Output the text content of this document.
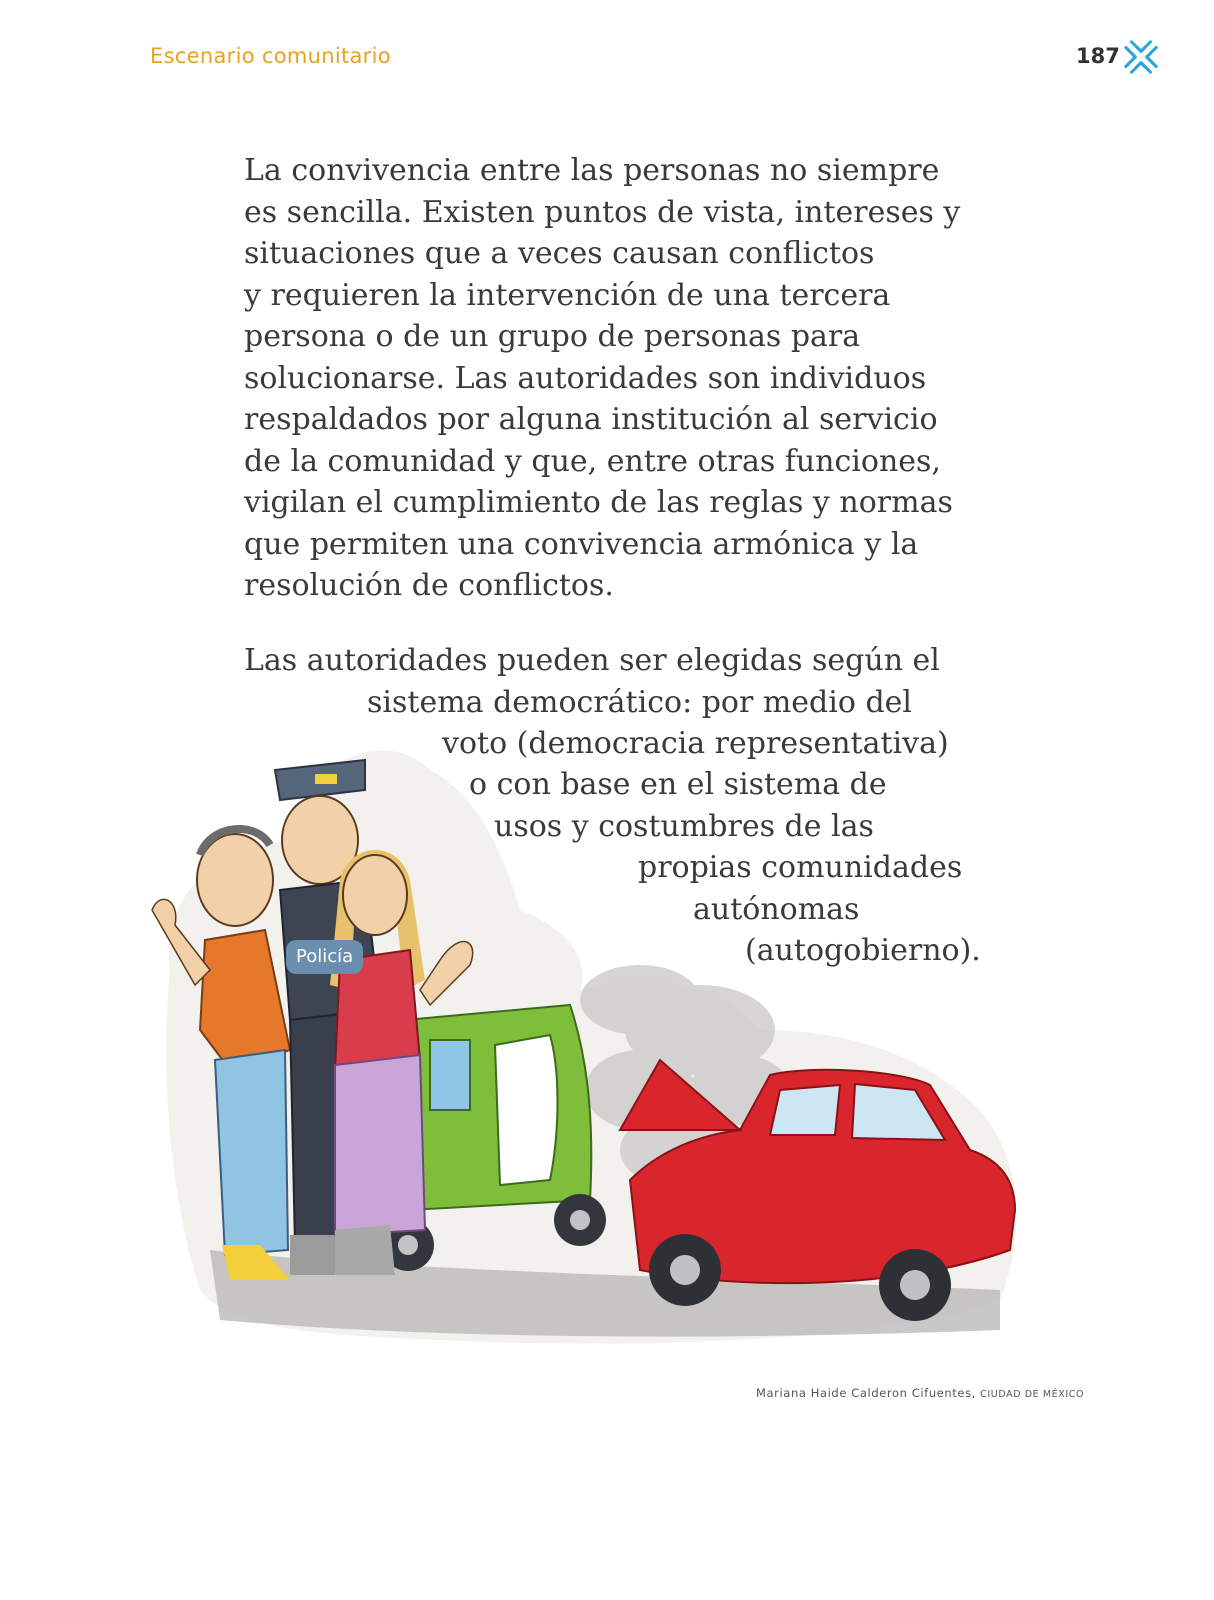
Escenario comunitario	187
La convivencia entre las personas no siempre
es sencilla. Existen puntos de vista, intereses y
situaciones que a veces causan conflictos
y requieren la intervención de una tercera
persona o de un grupo de personas para
solucionarse. Las autoridades son individuos
respaldados por alguna institución al servicio
de la comunidad y que, entre otras funciones,
vigilan el cumplimiento de las reglas y normas
que permiten una convivencia armónica y la
resolución de conflictos.
Las autoridades pueden ser elegidas según el
sistema democrático: por medio del
voto (democracia representativa)
o con base en el sistema de
usos y costumbres de las
propias comunidades
autónomas
(autogobierno).
Policía
Mariana Haide Calderon Cifuentes, CIUDAD DE MÉXICO
